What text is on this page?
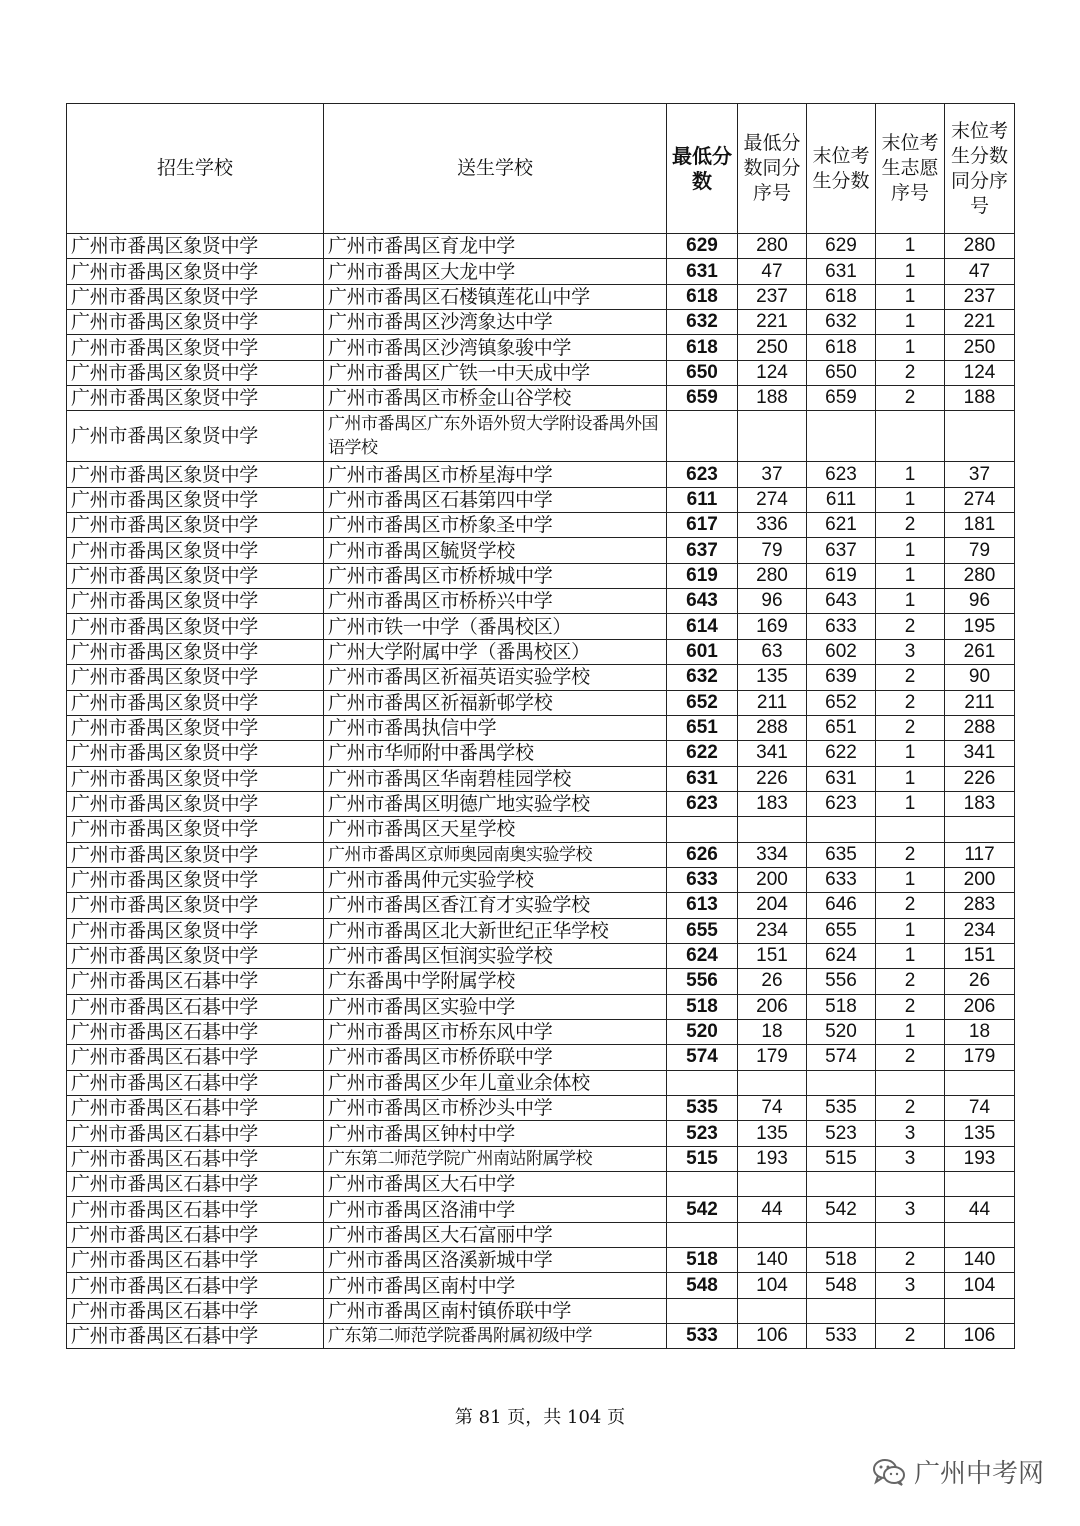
招生学校	送生学校	最低分数	最低分数同分序号	末位考生分数	末位考生志愿序号	末位考生分数同分序号
广州市番禺区象贤中学	广州市番禺区育龙中学	629	280	629	1	280
广州市番禺区象贤中学	广州市番禺区大龙中学	631	47	631	1	47
广州市番禺区象贤中学	广州市番禺区石楼镇莲花山中学	618	237	618	1	237
广州市番禺区象贤中学	广州市番禺区沙湾象达中学	632	221	632	1	221
广州市番禺区象贤中学	广州市番禺区沙湾镇象骏中学	618	250	618	1	250
广州市番禺区象贤中学	广州市番禺区广铁一中天成中学	650	124	650	2	124
广州市番禺区象贤中学	广州市番禺区市桥金山谷学校	659	188	659	2	188
广州市番禺区象贤中学	广州市番禺区广东外语外贸大学附设番禺外国语学校					
广州市番禺区象贤中学	广州市番禺区市桥星海中学	623	37	623	1	37
广州市番禺区象贤中学	广州市番禺区石碁第四中学	611	274	611	1	274
广州市番禺区象贤中学	广州市番禺区市桥象圣中学	617	336	621	2	181
广州市番禺区象贤中学	广州市番禺区毓贤学校	637	79	637	1	79
广州市番禺区象贤中学	广州市番禺区市桥桥城中学	619	280	619	1	280
广州市番禺区象贤中学	广州市番禺区市桥桥兴中学	643	96	643	1	96
广州市番禺区象贤中学	广州市铁一中学（番禺校区）	614	169	633	2	195
广州市番禺区象贤中学	广州大学附属中学（番禺校区）	601	63	602	3	261
广州市番禺区象贤中学	广州市番禺区祈福英语实验学校	632	135	639	2	90
广州市番禺区象贤中学	广州市番禺区祈福新邨学校	652	211	652	2	211
广州市番禺区象贤中学	广州市番禺执信中学	651	288	651	2	288
广州市番禺区象贤中学	广州市华师附中番禺学校	622	341	622	1	341
广州市番禺区象贤中学	广州市番禺区华南碧桂园学校	631	226	631	1	226
广州市番禺区象贤中学	广州市番禺区明德广地实验学校	623	183	623	1	183
广州市番禺区象贤中学	广州市番禺区天星学校					
广州市番禺区象贤中学	广州市番禺区京师奥园南奥实验学校	626	334	635	2	117
广州市番禺区象贤中学	广州市番禺仲元实验学校	633	200	633	1	200
广州市番禺区象贤中学	广州市番禺区香江育才实验学校	613	204	646	2	283
广州市番禺区象贤中学	广州市番禺区北大新世纪正华学校	655	234	655	1	234
广州市番禺区象贤中学	广州市番禺区恒润实验学校	624	151	624	1	151
广州市番禺区石碁中学	广东番禺中学附属学校	556	26	556	2	26
广州市番禺区石碁中学	广州市番禺区实验中学	518	206	518	2	206
广州市番禺区石碁中学	广州市番禺区市桥东风中学	520	18	520	1	18
广州市番禺区石碁中学	广州市番禺区市桥侨联中学	574	179	574	2	179
广州市番禺区石碁中学	广州市番禺区少年儿童业余体校					
广州市番禺区石碁中学	广州市番禺区市桥沙头中学	535	74	535	2	74
广州市番禺区石碁中学	广州市番禺区钟村中学	523	135	523	3	135
广州市番禺区石碁中学	广东第二师范学院广州南站附属学校	515	193	515	3	193
广州市番禺区石碁中学	广州市番禺区大石中学					
广州市番禺区石碁中学	广州市番禺区洛浦中学	542	44	542	3	44
广州市番禺区石碁中学	广州市番禺区大石富丽中学					
广州市番禺区石碁中学	广州市番禺区洛溪新城中学	518	140	518	2	140
广州市番禺区石碁中学	广州市番禺区南村中学	548	104	548	3	104
广州市番禺区石碁中学	广州市番禺区南村镇侨联中学					
广州市番禺区石碁中学	广东第二师范学院番禺附属初级中学	533	106	533	2	106
第 81 页，共 104 页
广州中考网
